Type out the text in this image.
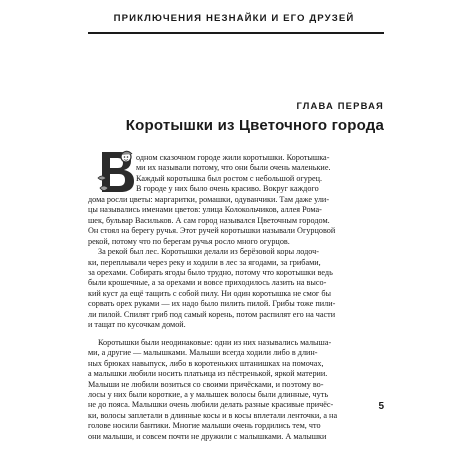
ПРИКЛЮЧЕНИЯ НЕЗНАЙКИ И ЕГО ДРУЗЕЙ
ГЛАВА ПЕРВАЯ
Коротышки из Цветочного города
одном сказочном городе жили коротышки. Коротышка-
ми их называли потому, что они были очень маленькие.
Каждый коротышка был ростом с небольшой огурец.
В городе у них было очень красиво. Вокруг каждого
дома росли цветы: маргаритки, ромашки, одуванчики. Там даже ули-
цы назывались именами цветов: улица Колокольчиков, аллея Рома-
шек, бульвар Васильков. А сам город назывался Цветочным городом.
Он стоял на берегу ручья. Этот ручей коротышки называли Огурцовой
рекой, потому что по берегам ручья росло много огурцов.
За рекой был лес. Коротышки делали из берёзовой коры лодоч-
ки, переплывали через реку и ходили в лес за ягодами, за грибами,
за орехами. Собирать ягоды было трудно, потому что коротышки ведь
были крошечные, а за орехами и вовсе приходилось лазить на высо-
кий куст да ещё тащить с собой пилу. Ни один коротышка не смог бы
сорвать орех руками — их надо было пилить пилой. Грибы тоже пили-
ли пилой. Спилят гриб под самый корень, потом распилят его на части
и тащат по кусочкам домой.
Коротышки были неодинаковые: одни из них назывались малыша-
ми, а другие — малышками. Малыши всегда ходили либо в длин-
ных брюках навыпуск, либо в коротеньких штанишках на помочах,
а малышки любили носить платьица из пёстренькой, яркой материи.
Малыши не любили возиться со своими причёсками, и поэтому во-
лосы у них были короткие, а у малышек волосы были длинные, чуть
не до пояса. Малышки очень любили делать разные красивые причёс-
ки, волосы заплетали в длинные косы и в косы вплетали ленточки, а на
голове носили бантики. Многие малыши очень гордились тем, что
они малыши, и совсем почти не дружили с малышками. А малышки
5
